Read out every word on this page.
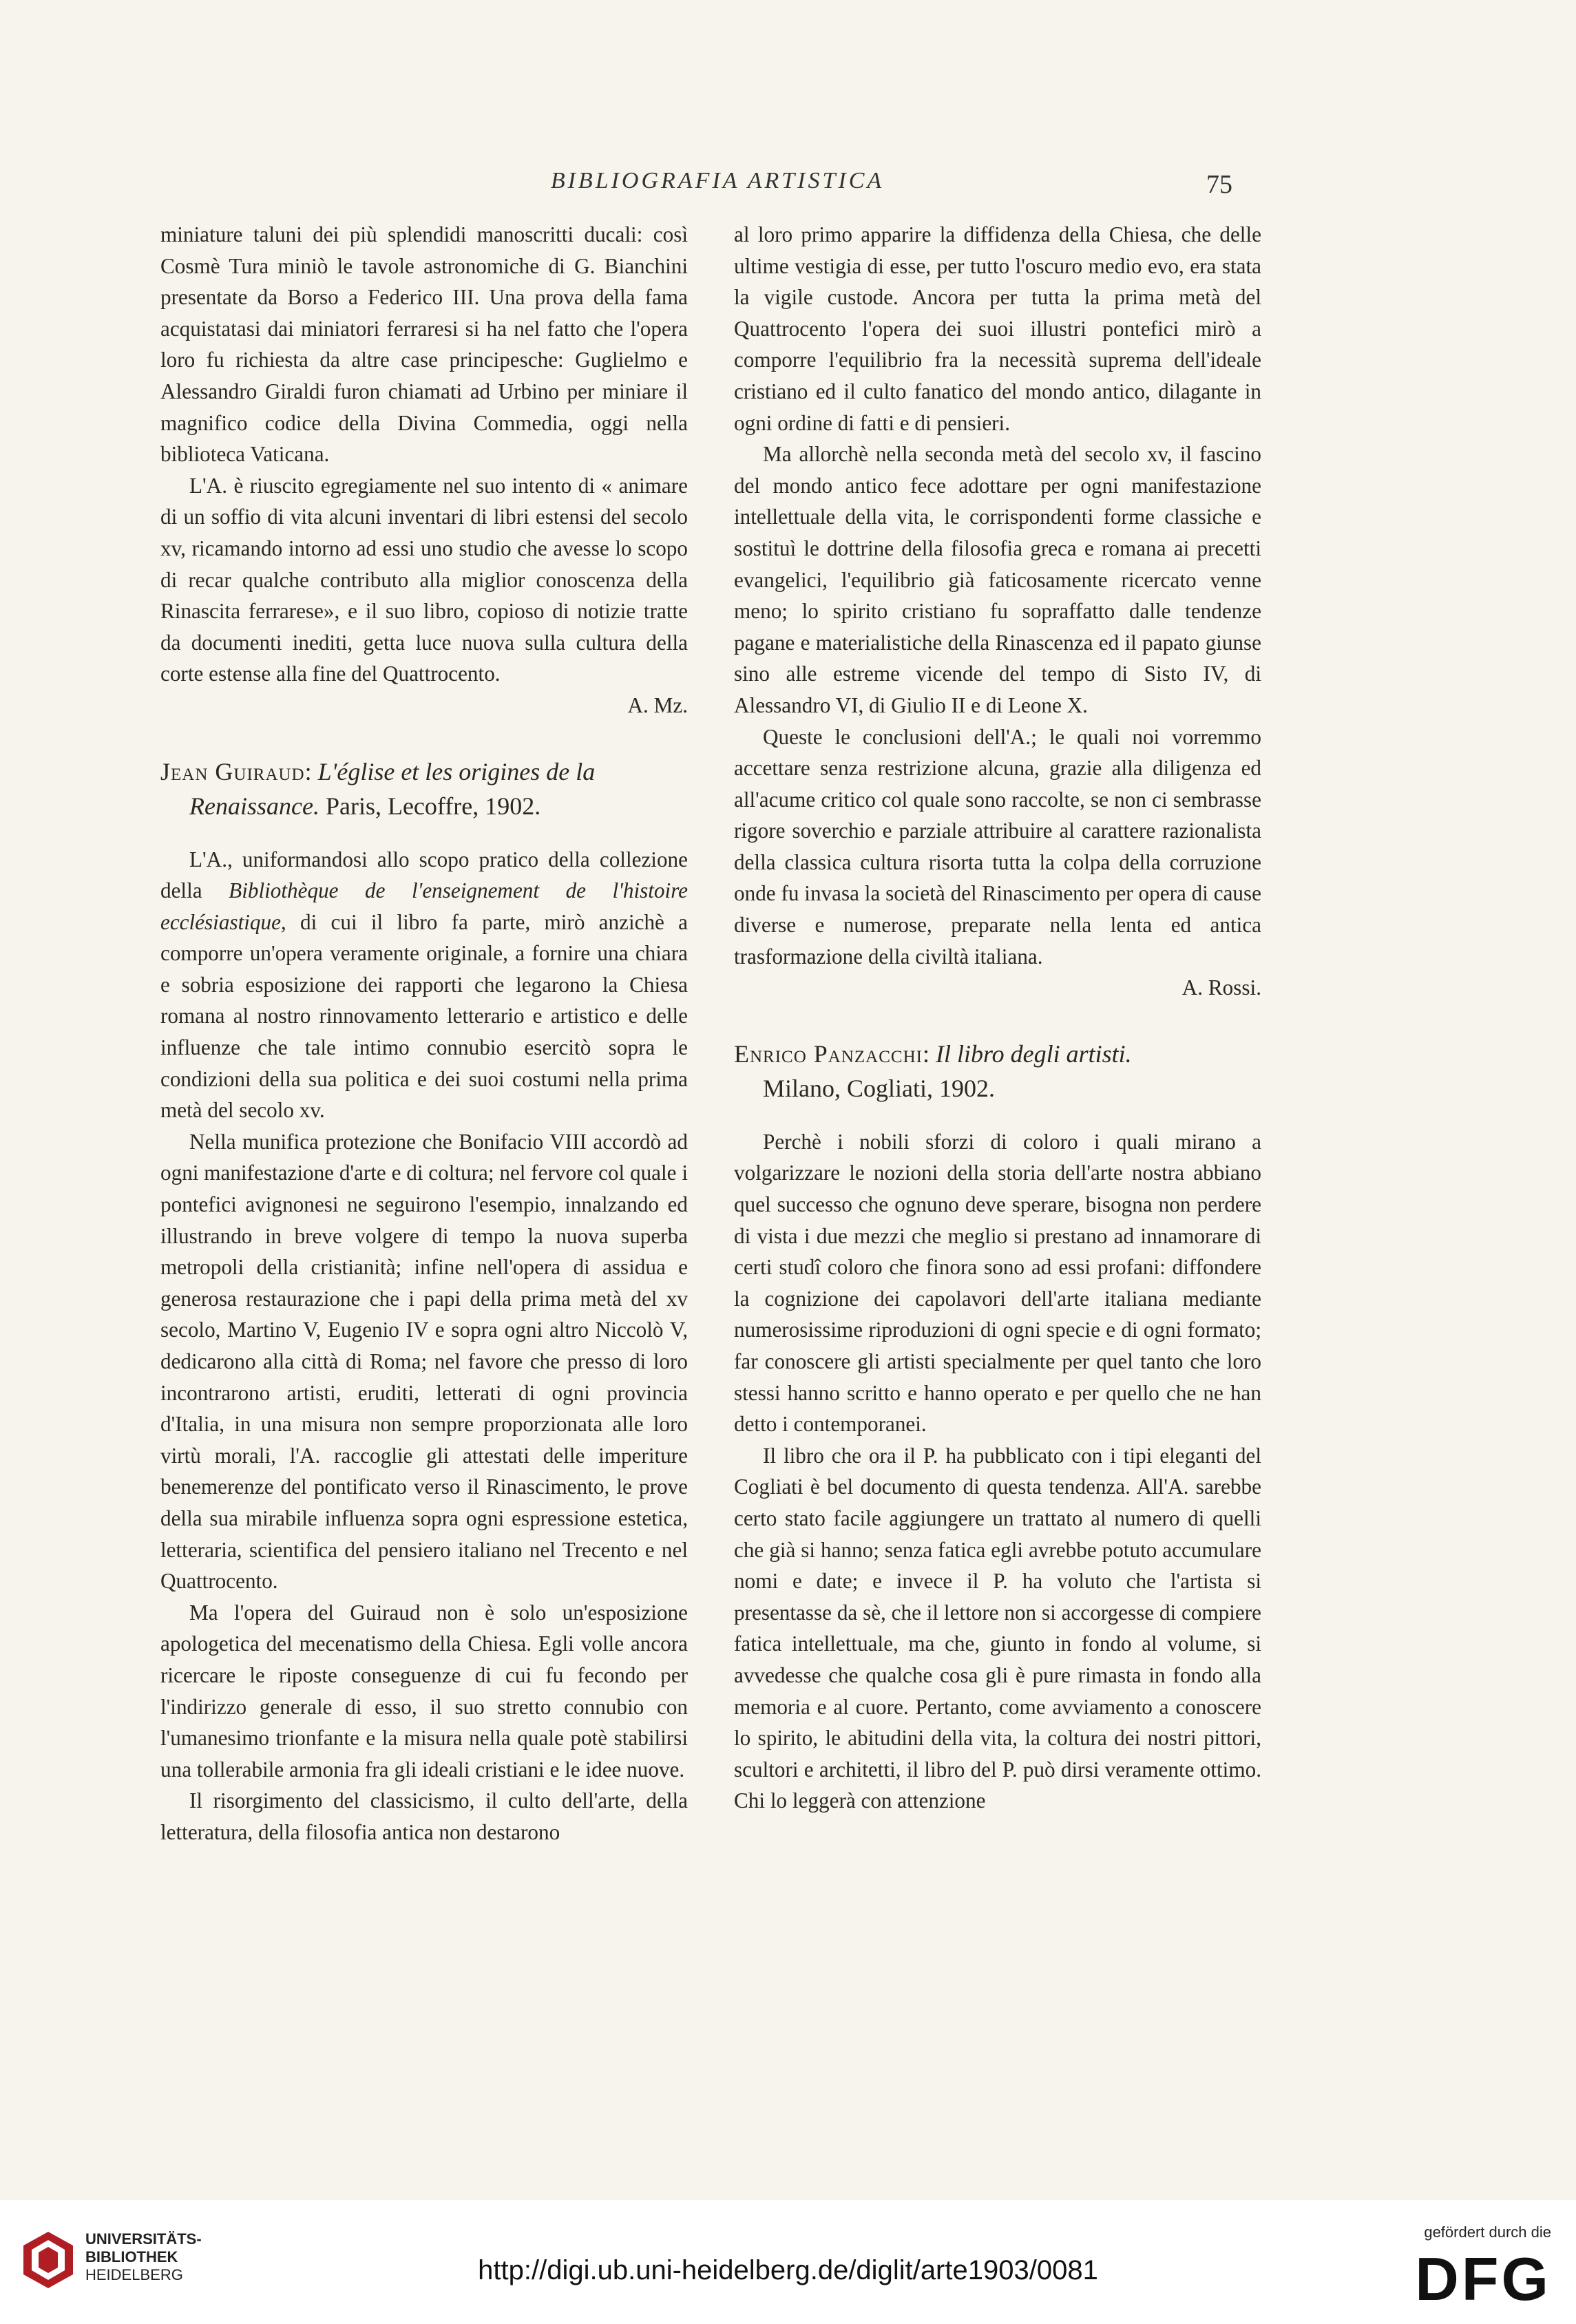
BIBLIOGRAFIA ARTISTICA	75

miniature taluni dei più splendidi manoscritti ducali: così Cosmè Tura miniò le tavole astronomiche di G. Bianchini presentate da Borso a Federico III. Una prova della fama acquistatasi dai miniatori ferraresi si ha nel fatto che l'opera loro fu richiesta da altre case principesche: Guglielmo e Alessandro Giraldi furon chiamati ad Urbino per miniare il magnifico codice della Divina Commedia, oggi nella biblioteca Vaticana.

L'A. è riuscito egregiamente nel suo intento di « animare di un soffio di vita alcuni inventari di libri estensi del secolo xv, ricamando intorno ad essi uno studio che avesse lo scopo di recar qualche contributo alla miglior conoscenza della Rinascita ferrarese», e il suo libro, copioso di notizie tratte da documenti inediti, getta luce nuova sulla cultura della corte estense alla fine del Quattrocento.

A. Mz.

Jean Guiraud: L'église et les origines de la
Renaissance. Paris, Lecoffre, 1902.

L'A., uniformandosi allo scopo pratico della collezione della Bibliothèque de l'enseignement de l'histoire ecclésiastique, di cui il libro fa parte, mirò anzichè a comporre un'opera veramente originale, a fornire una chiara e sobria esposizione dei rapporti che legarono la Chiesa romana al nostro rinnovamento letterario e artistico e delle influenze che tale intimo connubio esercitò sopra le condizioni della sua politica e dei suoi costumi nella prima metà del secolo xv.

Nella munifica protezione che Bonifacio VIII accordò ad ogni manifestazione d'arte e di coltura; nel fervore col quale i pontefici avignonesi ne seguirono l'esempio, innalzando ed illustrando in breve volgere di tempo la nuova superba metropoli della cristianità; infine nell'opera di assidua e generosa restaurazione che i papi della prima metà del xv secolo, Martino V, Eugenio IV e sopra ogni altro Niccolò V, dedicarono alla città di Roma; nel favore che presso di loro incontrarono artisti, eruditi, letterati di ogni provincia d'Italia, in una misura non sempre proporzionata alle loro virtù morali, l'A. raccoglie gli attestati delle imperiture benemerenze del pontificato verso il Rinascimento, le prove della sua mirabile influenza sopra ogni espressione estetica, letteraria, scientifica del pensiero italiano nel Trecento e nel Quattrocento.

Ma l'opera del Guiraud non è solo un'esposizione apologetica del mecenatismo della Chiesa. Egli volle ancora ricercare le riposte conseguenze di cui fu fecondo per l'indirizzo generale di esso, il suo stretto connubio con l'umanesimo trionfante e la misura nella quale potè stabilirsi una tollerabile armonia fra gli ideali cristiani e le idee nuove.

Il risorgimento del classicismo, il culto dell'arte, della letteratura, della filosofia antica non destarono

al loro primo apparire la diffidenza della Chiesa, che delle ultime vestigia di esse, per tutto l'oscuro medio evo, era stata la vigile custode. Ancora per tutta la prima metà del Quattrocento l'opera dei suoi illustri pontefici mirò a comporre l'equilibrio fra la necessità suprema dell'ideale cristiano ed il culto fanatico del mondo antico, dilagante in ogni ordine di fatti e di pensieri.

Ma allorchè nella seconda metà del secolo xv, il fascino del mondo antico fece adottare per ogni manifestazione intellettuale della vita, le corrispondenti forme classiche e sostituì le dottrine della filosofia greca e romana ai precetti evangelici, l'equilibrio già faticosamente ricercato venne meno; lo spirito cristiano fu sopraffatto dalle tendenze pagane e materialistiche della Rinascenza ed il papato giunse sino alle estreme vicende del tempo di Sisto IV, di Alessandro VI, di Giulio II e di Leone X.

Queste le conclusioni dell'A.; le quali noi vorremmo accettare senza restrizione alcuna, grazie alla diligenza ed all'acume critico col quale sono raccolte, se non ci sembrasse rigore soverchio e parziale attribuire al carattere razionalista della classica cultura risorta tutta la colpa della corruzione onde fu invasa la società del Rinascimento per opera di cause diverse e numerose, preparate nella lenta ed antica trasformazione della civiltà italiana.

A. Rossi.

Enrico Panzacchi: Il libro degli artisti.
Milano, Cogliati, 1902.

Perchè i nobili sforzi di coloro i quali mirano a volgarizzare le nozioni della storia dell'arte nostra abbiano quel successo che ognuno deve sperare, bisogna non perdere di vista i due mezzi che meglio si prestano ad innamorare di certi studî coloro che finora sono ad essi profani: diffondere la cognizione dei capolavori dell'arte italiana mediante numerosissime riproduzioni di ogni specie e di ogni formato; far conoscere gli artisti specialmente per quel tanto che loro stessi hanno scritto e hanno operato e per quello che ne han detto i contemporanei.

Il libro che ora il P. ha pubblicato con i tipi eleganti del Cogliati è bel documento di questa tendenza. All'A. sarebbe certo stato facile aggiungere un trattato al numero di quelli che già si hanno; senza fatica egli avrebbe potuto accumulare nomi e date; e invece il P. ha voluto che l'artista si presentasse da sè, che il lettore non si accorgesse di compiere fatica intellettuale, ma che, giunto in fondo al volume, si avvedesse che qualche cosa gli è pure rimasta in fondo alla memoria e al cuore. Pertanto, come avviamento a conoscere lo spirito, le abitudini della vita, la coltura dei nostri pittori, scultori e architetti, il libro del P. può dirsi veramente ottimo. Chi lo leggerà con attenzione

UNIVERSITÄTS-
BIBLIOTHEK
HEIDELBERG	http://digi.ub.uni-heidelberg.de/diglit/arte1903/0081
gefördert durch die
DFG
